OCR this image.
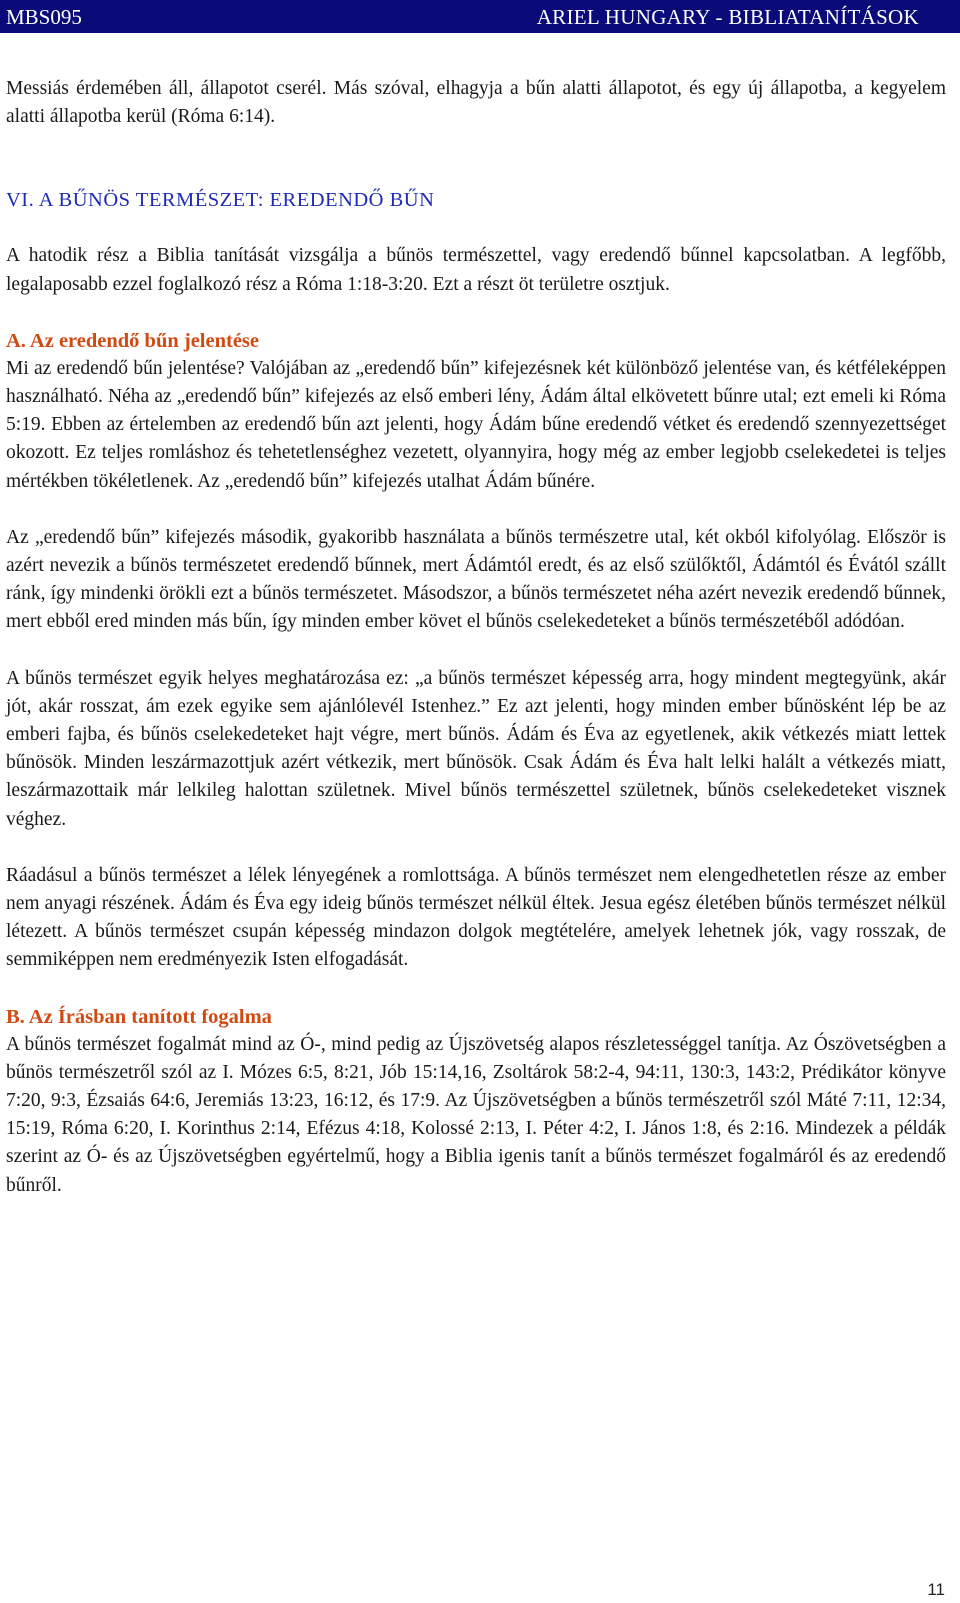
MBS095	ARIEL HUNGARY - BIBLIATANÍTÁSOK

Messiás érdemében áll, állapotot cserél. Más szóval, elhagyja a bűn alatti állapotot, és egy új állapotba, a kegyelem alatti állapotba kerül (Róma 6:14).

VI. A BŰNÖS TERMÉSZET: EREDENDŐ BŰN

A hatodik rész a Biblia tanítását vizsgálja a bűnös természettel, vagy eredendő bűnnel kapcsolatban. A legfőbb, legalaposabb ezzel foglalkozó rész a Róma 1:18-3:20. Ezt a részt öt területre osztjuk.

A. Az eredendő bűn jelentése

Mi az eredendő bűn jelentése? Valójában az „eredendő bűn” kifejezésnek két különböző jelentése van, és kétféleképpen használható. Néha az „eredendő bűn” kifejezés az első emberi lény, Ádám által elkövetett bűnre utal; ezt emeli ki Róma 5:19. Ebben az értelemben az eredendő bűn azt jelenti, hogy Ádám bűne eredendő vétket és eredendő szennyezettséget okozott. Ez teljes romláshoz és tehetetlenséghez vezetett, olyannyira, hogy még az ember legjobb cselekedetei is teljes mértékben tökéletlenek. Az „eredendő bűn” kifejezés utalhat Ádám bűnére.

Az „eredendő bűn” kifejezés második, gyakoribb használata a bűnös természetre utal, két okból kifolyólag. Először is azért nevezik a bűnös természetet eredendő bűnnek, mert Ádámtól eredt, és az első szülőktől, Ádámtól és Évától szállt ránk, így mindenki örökli ezt a bűnös természetet. Másodszor, a bűnös természetet néha azért nevezik eredendő bűnnek, mert ebből ered minden más bűn, így minden ember követ el bűnös cselekedeteket a bűnös természetéből adódóan.

A bűnös természet egyik helyes meghatározása ez: „a bűnös természet képesség arra, hogy mindent megtegyünk, akár jót, akár rosszat, ám ezek egyike sem ajánlólevél Istenhez.” Ez azt jelenti, hogy minden ember bűnösként lép be az emberi fajba, és bűnös cselekedeteket hajt végre, mert bűnös. Ádám és Éva az egyetlenek, akik vétkezés miatt lettek bűnösök. Minden leszármazottjuk azért vétkezik, mert bűnösök. Csak Ádám és Éva halt lelki halált a vétkezés miatt, leszármazottaik már lelkileg halottan születnek. Mivel bűnös természettel születnek, bűnös cselekedeteket visznek véghez.

Ráadásul a bűnös természet a lélek lényegének a romlottsága. A bűnös természet nem elengedhetetlen része az ember nem anyagi részének. Ádám és Éva egy ideig bűnös természet nélkül éltek. Jesua egész életében bűnös természet nélkül létezett. A bűnös természet csupán képesség mindazon dolgok megtételére, amelyek lehetnek jók, vagy rosszak, de semmiképpen nem eredményezik Isten elfogadását.

B. Az Írásban tanított fogalma

A bűnös természet fogalmát mind az Ó-, mind pedig az Újszövetség alapos részletességgel tanítja. Az Ószövetségben a bűnös természetről szól az I. Mózes 6:5, 8:21, Jób 15:14,16, Zsoltárok 58:2-4, 94:11, 130:3, 143:2, Prédikátor könyve 7:20, 9:3, Ézsaiás 64:6, Jeremiás 13:23, 16:12, és 17:9. Az Újszövetségben a bűnös természetről szól Máté 7:11, 12:34, 15:19, Róma 6:20, I. Korinthus 2:14, Efézus 4:18, Kolossé 2:13, I. Péter 4:2, I. János 1:8, és 2:16. Mindezek a példák szerint az Ó- és az Újszövetségben egyértelmű, hogy a Biblia igenis tanít a bűnös természet fogalmáról és az eredendő bűnről.

11
